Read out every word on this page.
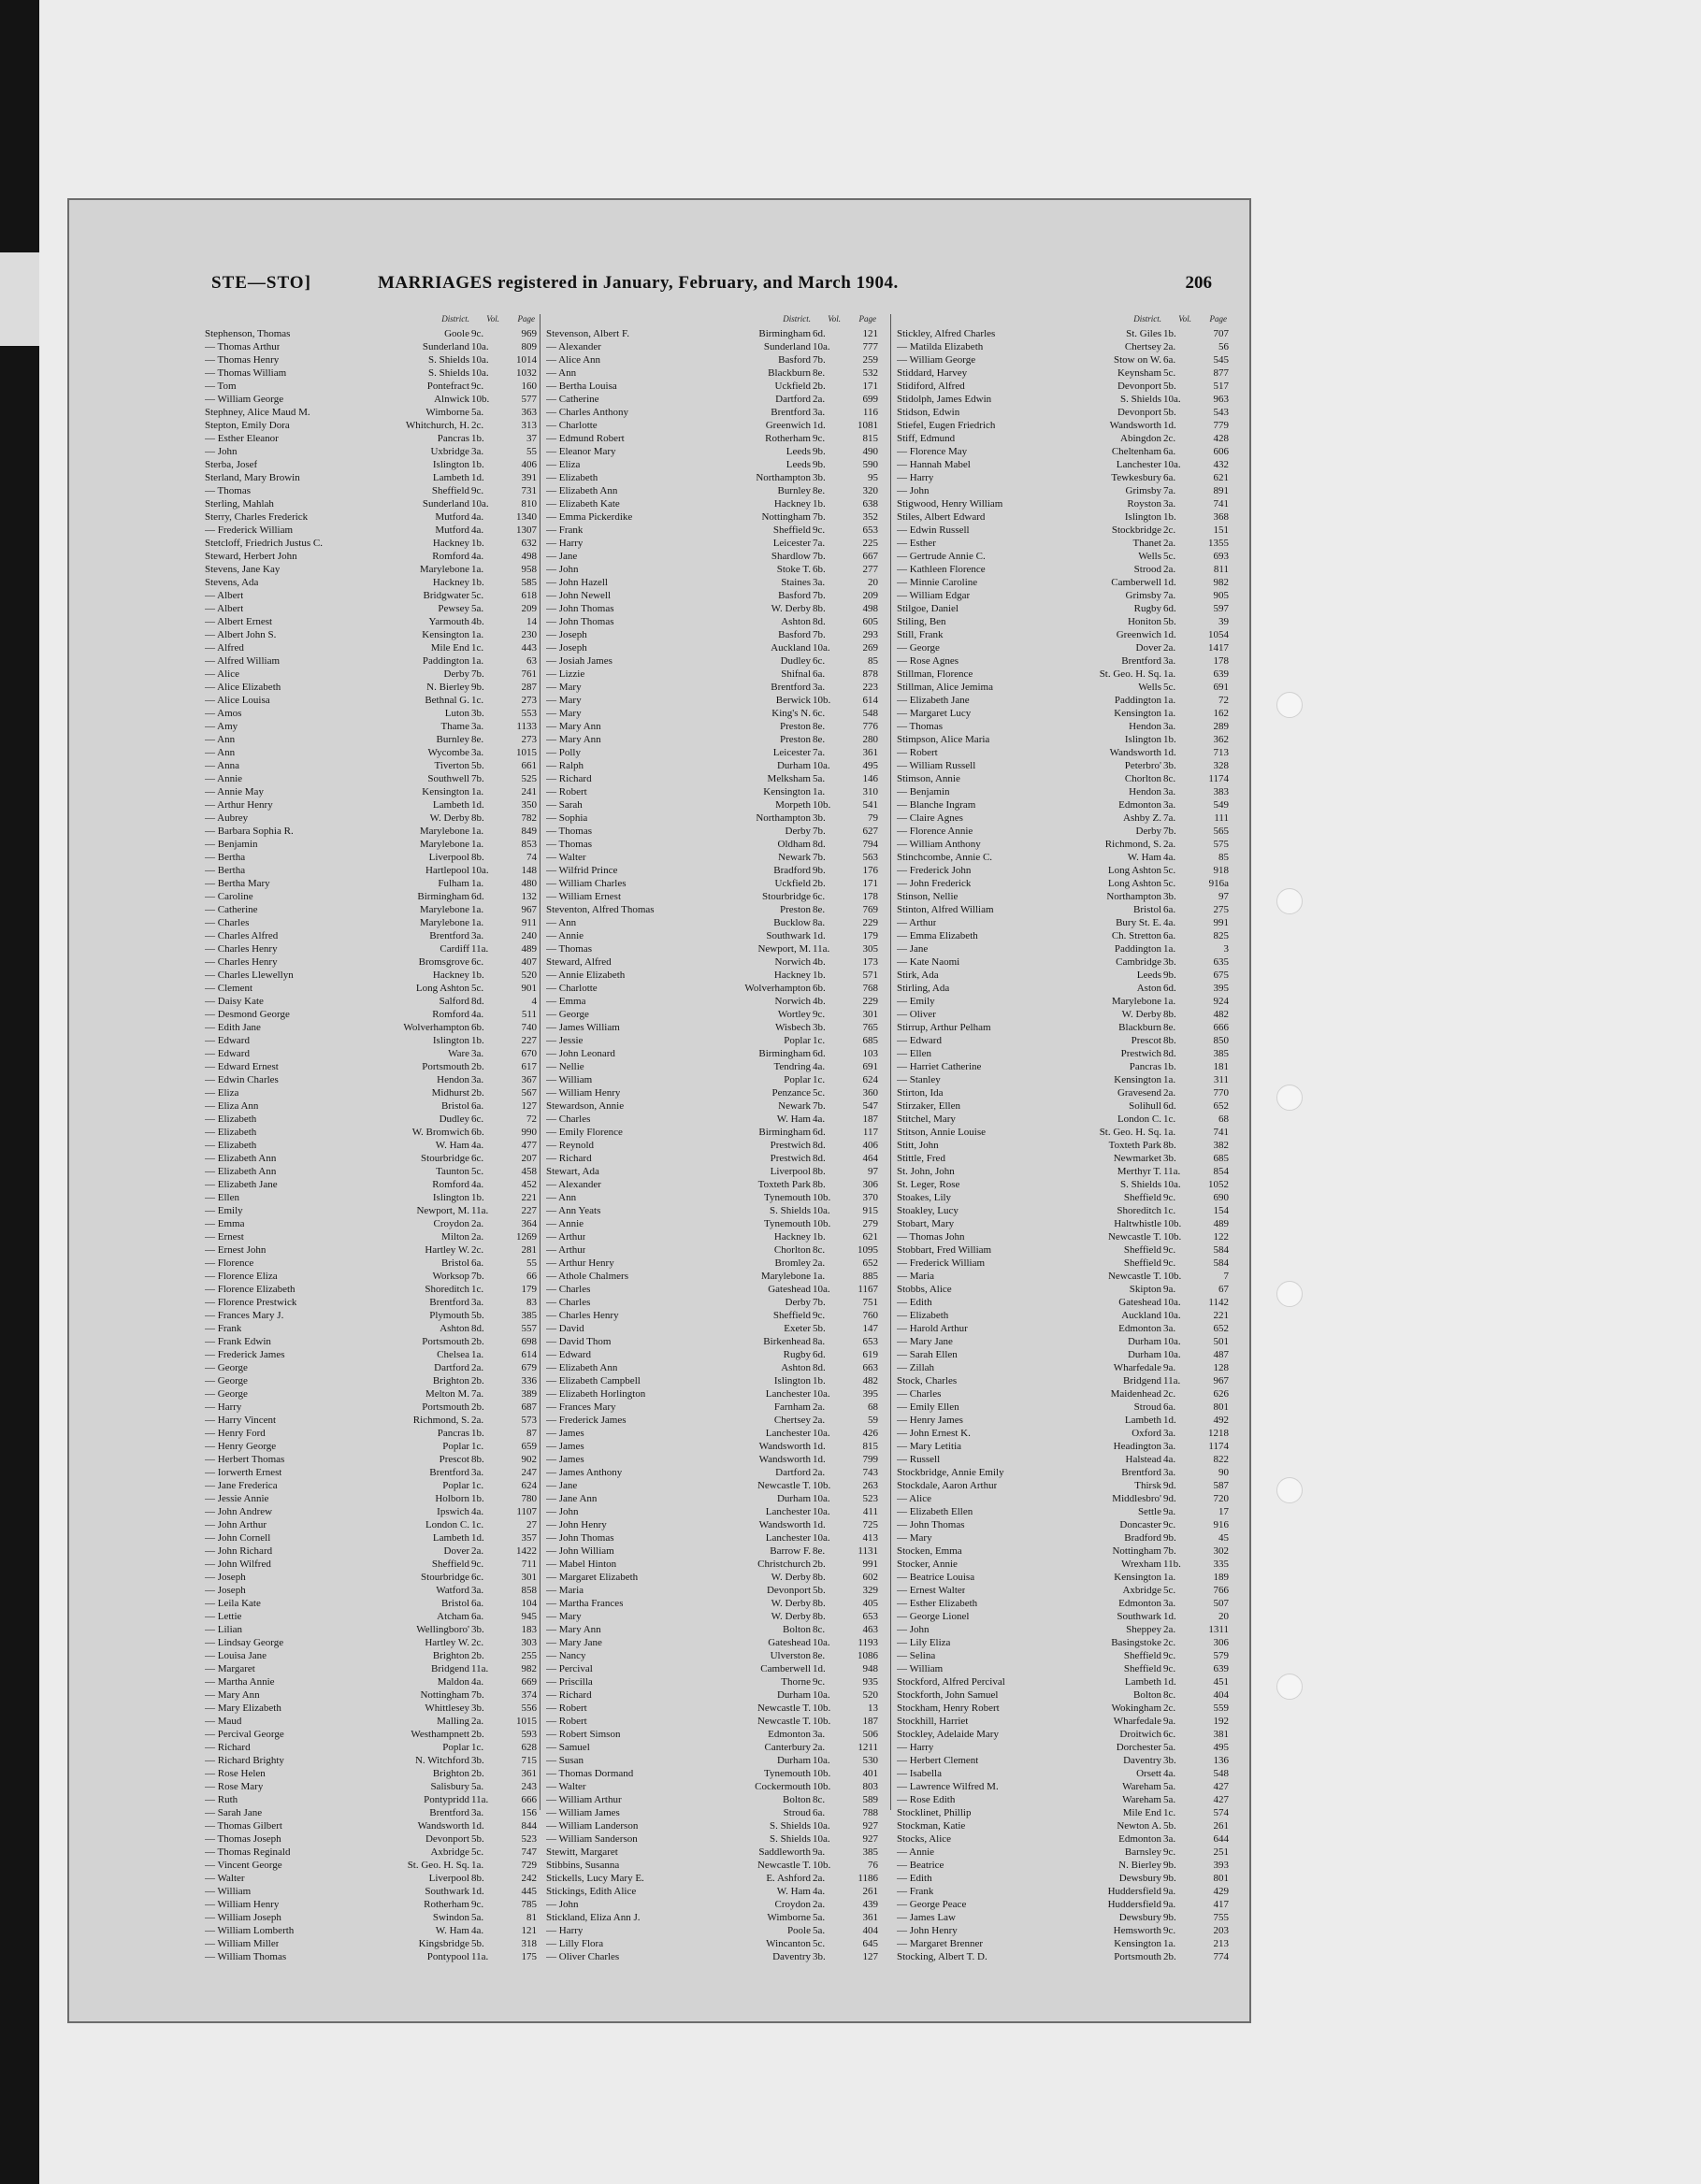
STE—STO]	MARRIAGES registered in January, February, and March 1904.	206
District. Vol. Page
Stephenson, Thomas	Goole 9c.	969
— Thomas Arthur	Sunderland 10a.	809
— Thomas Henry	S. Shields 10a.	1014
— Thomas William	S. Shields 10a.	1032
— Tom	Pontefract 9c.	160
— William George	Alnwick 10b.	577
Stephney, Alice Maud M.	Wimborne 5a.	363
Stepton, Emily Dora	Whitchurch, H. 2c.	313
— Esther Eleanor	Pancras 1b.	37
— John	Uxbridge 3a.	55
Sterba, Josef	Islington 1b.	406
Sterland, Mary Browin	Lambeth 1d.	391
— Thomas	Sheffield 9c.	731
Sterling, Mahlah	Sunderland 10a.	810
Sterry, Charles Frederick	Mutford 4a.	1340
— Frederick William	Mutford 4a.	1307
Stetcloff, Friedrich Justus C.	Hackney 1b.	632
Steward, Herbert John	Romford 4a.	498
Stevens, Jane Kay	Marylebone 1a.	958
Stevens, Ada	Hackney 1b.	585
— Albert	Bridgwater 5c.	618
— Albert	Pewsey 5a.	209
— Albert Ernest	Yarmouth 4b.	14
— Albert John S.	Kensington 1a.	230
— Alfred	Mile End 1c.	443
— Alfred William	Paddington 1a.	63
— Alice	Derby 7b.	761
— Alice Elizabeth	N. Bierley 9b.	287
— Alice Louisa	Bethnal G. 1c.	273
— Amos	Luton 3b.	553
— Amy	Thame 3a.	1133
— Ann	Burnley 8e.	273
— Ann	Wycombe 3a.	1015
— Anna	Tiverton 5b.	661
— Annie	Southwell 7b.	525
— Annie May	Kensington 1a.	241
— Arthur Henry	Lambeth 1d.	350
— Aubrey	W. Derby 8b.	782
— Barbara Sophia R.	Marylebone 1a.	849
— Benjamin	Marylebone 1a.	853
— Bertha	Liverpool 8b.	74
— Bertha	Hartlepool 10a.	148
— Bertha Mary	Fulham 1a.	480
— Caroline	Birmingham 6d.	132
— Catherine	Marylebone 1a.	967
— Charles	Marylebone 1a.	911
— Charles Alfred	Brentford 3a.	240
— Charles Henry	Cardiff 11a.	489
— Charles Henry	Bromsgrove 6c.	407
— Charles Llewellyn	Hackney 1b.	520
— Clement	Long Ashton 5c.	901
— Daisy Kate	Salford 8d.	4
— Desmond George	Romford 4a.	511
— Edith Jane	Wolverhampton 6b.	740
— Edward	Islington 1b.	227
— Edward	Ware 3a.	670
— Edward Ernest	Portsmouth 2b.	617
— Edwin Charles	Hendon 3a.	367
— Eliza	Midhurst 2b.	567
— Eliza Ann	Bristol 6a.	127
— Elizabeth	Dudley 6c.	72
— Elizabeth	W. Bromwich 6b.	990
— Elizabeth	W. Ham 4a.	477
— Elizabeth Ann	Stourbridge 6c.	207
— Elizabeth Ann	Taunton 5c.	458
— Elizabeth Jane	Romford 4a.	452
— Ellen	Islington 1b.	221
— Emily	Newport, M. 11a.	227
— Emma	Croydon 2a.	364
— Ernest	Milton 2a.	1269
— Ernest John	Hartley W. 2c.	281
— Florence	Bristol 6a.	55
— Florence Eliza	Worksop 7b.	66
— Florence Elizabeth	Shoreditch 1c.	179
— Florence Prestwick	Brentford 3a.	83
— Frances Mary J.	Plymouth 5b.	385
— Frank	Ashton 8d.	557
— Frank Edwin	Portsmouth 2b.	698
— Frederick James	Chelsea 1a.	614
— George	Dartford 2a.	679
— George	Brighton 2b.	336
— George	Melton M. 7a.	389
— Harry	Portsmouth 2b.	687
— Harry Vincent	Richmond, S. 2a.	573
— Henry Ford	Pancras 1b.	87
— Henry George	Poplar 1c.	659
— Herbert Thomas	Prescot 8b.	902
— Iorwerth Ernest	Brentford 3a.	247
— Jane Frederica	Poplar 1c.	624
— Jessie Annie	Holborn 1b.	780
— John Andrew	Ipswich 4a.	1107
— John Arthur	London C. 1c.	27
— John Cornell	Lambeth 1d.	357
— John Richard	Dover 2a.	1422
— John Wilfred	Sheffield 9c.	711
— Joseph	Stourbridge 6c.	301
— Joseph	Watford 3a.	858
— Leila Kate	Bristol 6a.	104
— Lettie	Atcham 6a.	945
— Lilian	Wellingboro' 3b.	183
— Lindsay George	Hartley W. 2c.	303
— Louisa Jane	Brighton 2b.	255
— Margaret	Bridgend 11a.	982
— Martha Annie	Maldon 4a.	669
— Mary Ann	Nottingham 7b.	374
— Mary Elizabeth	Whittlesey 3b.	556
— Maud	Malling 2a.	1015
— Percival George	Westhampnett 2b.	593
— Richard	Poplar 1c.	628
— Richard Brighty	N. Witchford 3b.	715
— Rose Helen	Brighton 2b.	361
— Rose Mary	Salisbury 5a.	243
— Ruth	Pontypridd 11a.	666
— Sarah Jane	Brentford 3a.	156
— Thomas Gilbert	Wandsworth 1d.	844
— Thomas Joseph	Devonport 5b.	523
— Thomas Reginald	Axbridge 5c.	747
— Vincent George	St. Geo. H. Sq. 1a.	729
— Walter	Liverpool 8b.	242
— William	Southwark 1d.	445
— William Henry	Rotherham 9c.	785
— William Joseph	Swindon 5a.	81
— William Lomberth	W. Ham 4a.	121
— William Miller	Kingsbridge 5b.	318
— William Thomas	Pontypool 11a.	175
District. Vol. Page
Stevenson, Albert F.	Birmingham 6d.	121
— Alexander	Sunderland 10a.	777
— Alice Ann	Basford 7b.	259
— Ann	Blackburn 8e.	532
— Bertha Louisa	Uckfield 2b.	171
— Catherine	Dartford 2a.	699
— Charles Anthony	Brentford 3a.	116
— Charlotte	Greenwich 1d.	1081
— Edmund Robert	Rotherham 9c.	815
— Eleanor Mary	Leeds 9b.	490
— Eliza	Leeds 9b.	590
— Elizabeth	Northampton 3b.	95
— Elizabeth Ann	Burnley 8e.	320
— Elizabeth Kate	Hackney 1b.	638
— Emma Pickerdike	Nottingham 7b.	352
— Frank	Sheffield 9c.	653
— Harry	Leicester 7a.	225
— Jane	Shardlow 7b.	667
— John	Stoke T. 6b.	277
— John Hazell	Staines 3a.	20
— John Newell	Basford 7b.	209
— John Thomas	W. Derby 8b.	498
— John Thomas	Ashton 8d.	605
— Joseph	Basford 7b.	293
— Joseph	Auckland 10a.	269
— Josiah James	Dudley 6c.	85
— Lizzie	Shifnal 6a.	878
— Mary	Brentford 3a.	223
— Mary	Berwick 10b.	614
— Mary	King's N. 6c.	548
— Mary Ann	Preston 8e.	776
— Mary Ann	Preston 8e.	280
— Polly	Leicester 7a.	361
— Ralph	Durham 10a.	495
— Richard	Melksham 5a.	146
— Robert	Kensington 1a.	310
— Sarah	Morpeth 10b.	541
— Sophia	Northampton 3b.	79
— Thomas	Derby 7b.	627
— Thomas	Oldham 8d.	794
— Walter	Newark 7b.	563
— Wilfrid Prince	Bradford 9b.	176
— William Charles	Uckfield 2b.	171
— William Ernest	Stourbridge 6c.	178
Steventon, Alfred Thomas	Preston 8e.	769
— Ann	Bucklow 8a.	229
— Annie	Southwark 1d.	179
— Thomas	Newport, M. 11a.	305
Steward, Alfred	Norwich 4b.	173
— Annie Elizabeth	Hackney 1b.	571
— Charlotte	Wolverhampton 6b.	768
— Emma	Norwich 4b.	229
— George	Wortley 9c.	301
— James William	Wisbech 3b.	765
— Jessie	Poplar 1c.	685
— John Leonard	Birmingham 6d.	103
— Nellie	Tendring 4a.	691
— William	Poplar 1c.	624
— William Henry	Penzance 5c.	360
Stewardson, Annie	Newark 7b.	547
— Charles	W. Ham 4a.	187
— Emily Florence	Birmingham 6d.	117
— Reynold	Prestwich 8d.	406
— Richard	Prestwich 8d.	464
Stewart, Ada	Liverpool 8b.	97
— Alexander	Toxteth Park 8b.	306
— Ann	Tynemouth 10b.	370
— Ann Yeats	S. Shields 10a.	915
— Annie	Tynemouth 10b.	279
— Arthur	Hackney 1b.	621
— Arthur	Chorlton 8c.	1095
— Arthur Henry	Bromley 2a.	652
— Athole Chalmers	Marylebone 1a.	885
— Charles	Gateshead 10a.	1167
— Charles	Derby 7b.	751
— Charles Henry	Sheffield 9c.	760
— David	Exeter 5b.	147
— David Thom	Birkenhead 8a.	653
— Edward	Rugby 6d.	619
— Elizabeth Ann	Ashton 8d.	663
— Elizabeth Campbell	Islington 1b.	482
— Elizabeth Horlington	Lanchester 10a.	395
— Frances Mary	Farnham 2a.	68
— Frederick James	Chertsey 2a.	59
— James	Lanchester 10a.	426
— James	Wandsworth 1d.	815
— James	Wandsworth 1d.	799
— James Anthony	Dartford 2a.	743
— Jane	Newcastle T. 10b.	263
— Jane Ann	Durham 10a.	523
— John	Lanchester 10a.	411
— John Henry	Wandsworth 1d.	725
— John Thomas	Lanchester 10a.	413
— John William	Barrow F. 8e.	1131
— Mabel Hinton	Christchurch 2b.	991
— Margaret Elizabeth	W. Derby 8b.	602
— Maria	Devonport 5b.	329
— Martha Frances	W. Derby 8b.	405
— Mary	W. Derby 8b.	653
— Mary Ann	Bolton 8c.	463
— Mary Jane	Gateshead 10a.	1193
— Nancy	Ulverston 8e.	1086
— Percival	Camberwell 1d.	948
— Priscilla	Thorne 9c.	935
— Richard	Durham 10a.	520
— Robert	Newcastle T. 10b.	13
— Robert	Newcastle T. 10b.	187
— Robert Simson	Edmonton 3a.	506
— Samuel	Canterbury 2a.	1211
— Susan	Durham 10a.	530
— Thomas Dormand	Tynemouth 10b.	401
— Walter	Cockermouth 10b.	803
— William Arthur	Bolton 8c.	589
— William James	Stroud 6a.	788
— William Landerson	S. Shields 10a.	927
— William Sanderson	S. Shields 10a.	927
Stewitt, Margaret	Saddleworth 9a.	385
Stibbins, Susanna	Newcastle T. 10b.	76
Stickells, Lucy Mary E.	E. Ashford 2a.	1186
Stickings, Edith Alice	W. Ham 4a.	261
— John	Croydon 2a.	439
Stickland, Eliza Ann J.	Wimborne 5a.	361
— Harry	Poole 5a.	404
— Lilly Flora	Wincanton 5c.	645
— Oliver Charles	Daventry 3b.	127
District. Vol. Page
Stickley, Alfred Charles	St. Giles 1b.	707
— Matilda Elizabeth	Chertsey 2a.	56
— William George	Stow on W. 6a.	545
Stiddard, Harvey	Keynsham 5c.	877
Stidiford, Alfred	Devonport 5b.	517
Stidolph, James Edwin	S. Shields 10a.	963
Stidson, Edwin	Devonport 5b.	543
Stiefel, Eugen Friedrich	Wandsworth 1d.	779
Stiff, Edmund	Abingdon 2c.	428
— Florence May	Cheltenham 6a.	606
— Hannah Mabel	Lanchester 10a.	432
— Harry	Tewkesbury 6a.	621
— John	Grimsby 7a.	891
Stigwood, Henry William	Royston 3a.	741
Stiles, Albert Edward	Islington 1b.	368
— Edwin Russell	Stockbridge 2c.	151
— Esther	Thanet 2a.	1355
— Gertrude Annie C.	Wells 5c.	693
— Kathleen Florence	Strood 2a.	811
— Minnie Caroline	Camberwell 1d.	982
— William Edgar	Grimsby 7a.	905
Stilgoe, Daniel	Rugby 6d.	597
Stiling, Ben	Honiton 5b.	39
Still, Frank	Greenwich 1d.	1054
— George	Dover 2a.	1417
— Rose Agnes	Brentford 3a.	178
Stillman, Florence	St. Geo. H. Sq. 1a.	639
Stillman, Alice Jemima	Wells 5c.	691
— Elizabeth Jane	Paddington 1a.	72
— Margaret Lucy	Kensington 1a.	162
— Thomas	Hendon 3a.	289
Stimpson, Alice Maria	Islington 1b.	362
— Robert	Wandsworth 1d.	713
— William Russell	Peterbro' 3b.	328
Stimson, Annie	Chorlton 8c.	1174
— Benjamin	Hendon 3a.	383
— Blanche Ingram	Edmonton 3a.	549
— Claire Agnes	Ashby Z. 7a.	111
— Florence Annie	Derby 7b.	565
— William Anthony	Richmond, S. 2a.	575
Stinchcombe, Annie C.	W. Ham 4a.	85
— Frederick John	Long Ashton 5c.	918
— John Frederick	Long Ashton 5c.	916a
Stinson, Nellie	Northampton 3b.	97
Stinton, Alfred William	Bristol 6a.	275
— Arthur	Bury St. E. 4a.	991
— Emma Elizabeth	Ch. Stretton 6a.	825
— Jane	Paddington 1a.	3
— Kate Naomi	Cambridge 3b.	635
Stirk, Ada	Leeds 9b.	675
Stirling, Ada	Aston 6d.	395
— Emily	Marylebone 1a.	924
— Oliver	W. Derby 8b.	482
Stirrup, Arthur Pelham	Blackburn 8e.	666
— Edward	Prescot 8b.	850
— Ellen	Prestwich 8d.	385
— Harriet Catherine	Pancras 1b.	181
— Stanley	Kensington 1a.	311
Stirton, Ida	Gravesend 2a.	770
Stirzaker, Ellen	Solihull 6d.	652
Stitchel, Mary	London C. 1c.	68
Stitson, Annie Louise	St. Geo. H. Sq. 1a.	741
Stitt, John	Toxteth Park 8b.	382
Stittle, Fred	Newmarket 3b.	685
St. John, John	Merthyr T. 11a.	854
St. Leger, Rose	S. Shields 10a.	1052
Stoakes, Lily	Sheffield 9c.	690
Stoakley, Lucy	Shoreditch 1c.	154
Stobart, Mary	Haltwhistle 10b.	489
— Thomas John	Newcastle T. 10b.	122
Stobbart, Fred William	Sheffield 9c.	584
— Frederick William	Sheffield 9c.	584
— Maria	Newcastle T. 10b.	7
Stobbs, Alice	Skipton 9a.	67
— Edith	Gateshead 10a.	1142
— Elizabeth	Auckland 10a.	221
— Harold Arthur	Edmonton 3a.	652
— Mary Jane	Durham 10a.	501
— Sarah Ellen	Durham 10a.	487
— Zillah	Wharfedale 9a.	128
Stock, Charles	Bridgend 11a.	967
— Charles	Maidenhead 2c.	626
— Emily Ellen	Stroud 6a.	801
— Henry James	Lambeth 1d.	492
— John Ernest K.	Oxford 3a.	1218
— Mary Letitia	Headington 3a.	1174
— Russell	Halstead 4a.	822
Stockbridge, Annie Emily	Brentford 3a.	90
Stockdale, Aaron Arthur	Thirsk 9d.	587
— Alice	Middlesbro' 9d.	720
— Elizabeth Ellen	Settle 9a.	17
— John Thomas	Doncaster 9c.	916
— Mary	Bradford 9b.	45
Stocken, Emma	Nottingham 7b.	302
Stocker, Annie	Wrexham 11b.	335
— Beatrice Louisa	Kensington 1a.	189
— Ernest Walter	Axbridge 5c.	766
— Esther Elizabeth	Edmonton 3a.	507
— George Lionel	Southwark 1d.	20
— John	Sheppey 2a.	1311
— Lily Eliza	Basingstoke 2c.	306
— Selina	Sheffield 9c.	579
— William	Sheffield 9c.	639
Stockford, Alfred Percival	Lambeth 1d.	451
Stockforth, John Samuel	Bolton 8c.	404
Stockham, Henry Robert	Wokingham 2c.	559
Stockhill, Harriet	Wharfedale 9a.	192
Stockley, Adelaide Mary	Droitwich 6c.	381
— Harry	Dorchester 5a.	495
— Herbert Clement	Daventry 3b.	136
— Isabella	Orsett 4a.	548
— Lawrence Wilfred M.	Wareham 5a.	427
— Rose Edith	Wareham 5a.	427
Stocklinet, Phillip	Mile End 1c.	574
Stockman, Katie	Newton A. 5b.	261
Stocks, Alice	Edmonton 3a.	644
— Annie	Barnsley 9c.	251
— Beatrice	N. Bierley 9b.	393
— Edith	Dewsbury 9b.	801
— Frank	Huddersfield 9a.	429
— George Peace	Huddersfield 9a.	417
— James Law	Dewsbury 9b.	755
— John Henry	Hemsworth 9c.	203
— Margaret Brenner	Kensington 1a.	213
Stocking, Albert T. D.	Portsmouth 2b.	774
